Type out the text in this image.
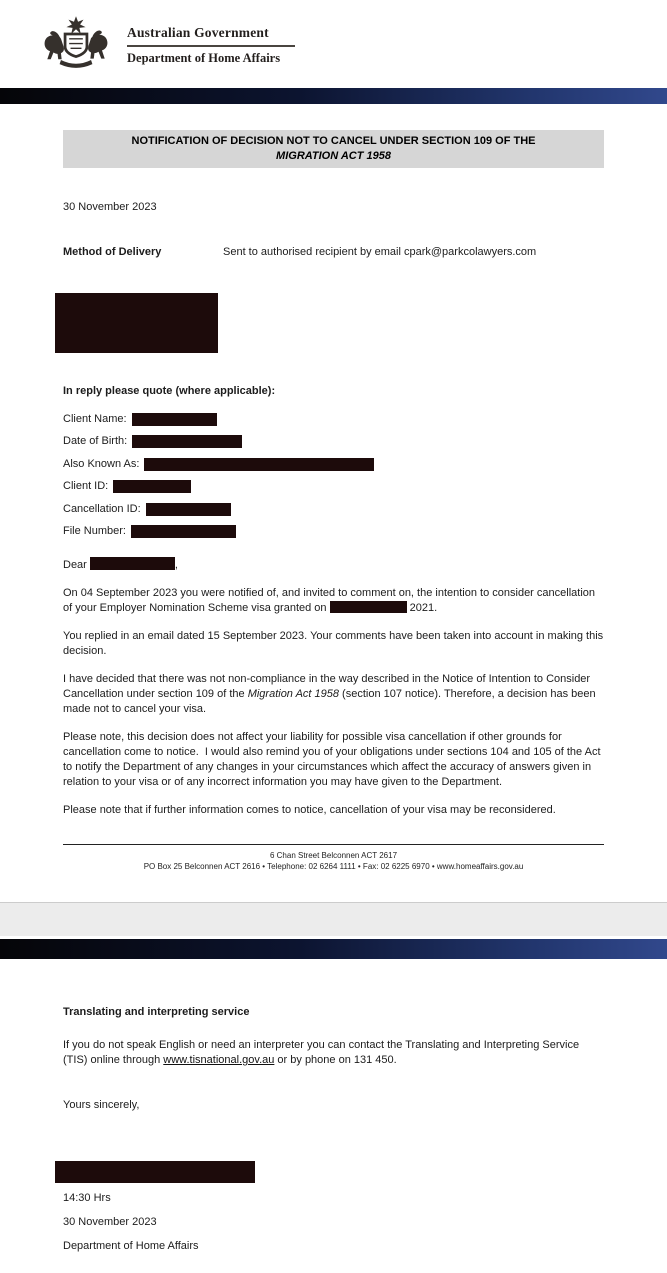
Australian Government
Department of Home Affairs
NOTIFICATION OF DECISION NOT TO CANCEL UNDER SECTION 109 OF THE
MIGRATION ACT 1958
30 November 2023
Method of Delivery	Sent to authorised recipient by email cpark@parkcolawyers.com
In reply please quote (where applicable):
Client Name:
Date of Birth:
Also Known As:
Client ID:
Cancellation ID:
File Number:

Dear	,

On 04 September 2023 you were notified of, and invited to comment on, the intention to consider cancellation of your Employer Nomination Scheme visa granted on	2021.

You replied in an email dated 15 September 2023. Your comments have been taken into account in making this decision.

I have decided that there was not non-compliance in the way described in the Notice of Intention to Consider Cancellation under section 109 of the Migration Act 1958 (section 107 notice). Therefore, a decision has been made not to cancel your visa.

Please note, this decision does not affect your liability for possible visa cancellation if other grounds for cancellation come to notice.  I would also remind you of your obligations under sections 104 and 105 of the Act to notify the Department of any changes in your circumstances which affect the accuracy of answers given in relation to your visa or of any incorrect information you may have given to the Department.

Please note that if further information comes to notice, cancellation of your visa may be reconsidered.

6 Chan Street Belconnen ACT 2617
PO Box 25 Belconnen ACT 2616 • Telephone: 02 6264 1111 • Fax: 02 6225 6970 • www.homeaffairs.gov.au
Translating and interpreting service

If you do not speak English or need an interpreter you can contact the Translating and Interpreting Service (TIS) online through www.tisnational.gov.au or by phone on 131 450.

Yours sincerely,
14:30 Hrs
30 November 2023
Department of Home Affairs
